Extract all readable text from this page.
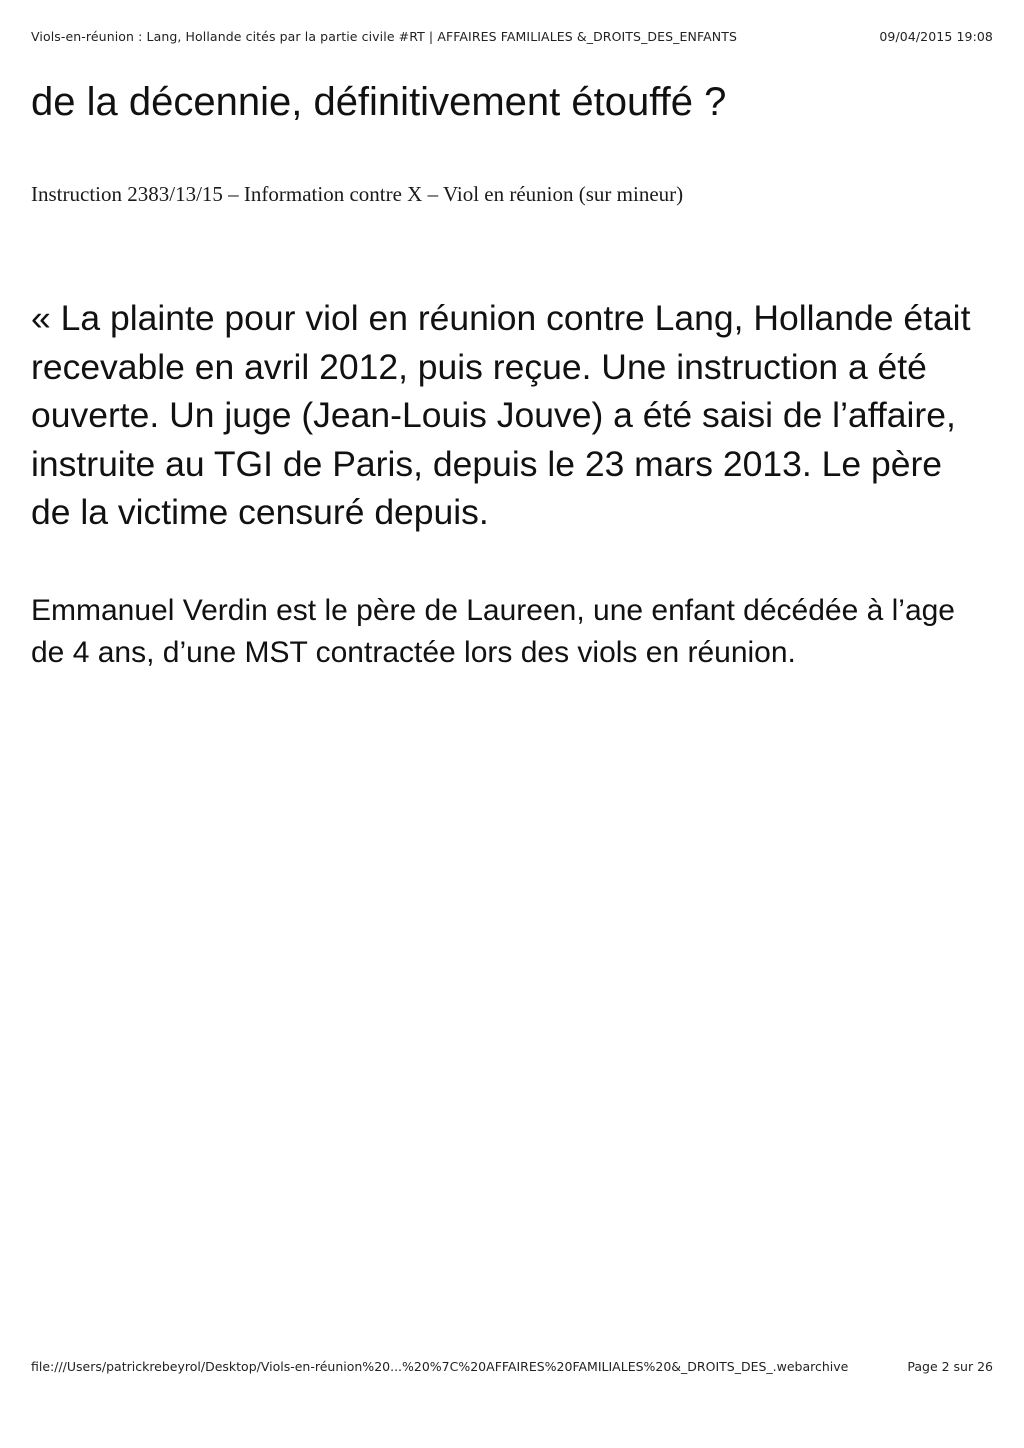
Viols-en-réunion : Lang, Hollande cités par la partie civile #RT | AFFAIRES FAMILIALES &_DROITS_DES_ENFANTS	09/04/2015 19:08
de la décennie, définitivement étouffé ?

Instruction 2383/13/15 – Information contre X – Viol en réunion (sur mineur)

« La plainte pour viol en réunion contre Lang, Hollande était recevable en avril 2012, puis reçue. Une instruction a été ouverte. Un juge (Jean-Louis Jouve) a été saisi de l’affaire, instruite au TGI de Paris, depuis le 23 mars 2013. Le père de la victime censuré depuis.

Emmanuel Verdin est le père de Laureen, une enfant décédée à l’age de 4 ans, d’une MST contractée lors des viols en réunion.

file:///Users/patrickrebeyrol/Desktop/Viols-en-réunion%20...%20%7C%20AFFAIRES%20FAMILIALES%20&_DROITS_DES_.webarchive	Page 2 sur 26
